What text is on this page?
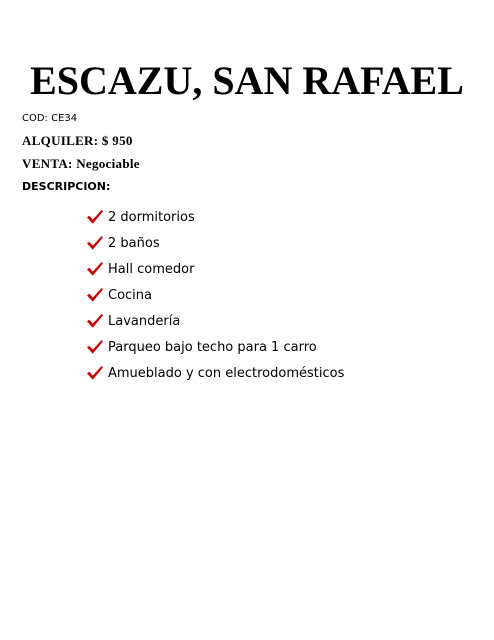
ESCAZU, SAN RAFAEL
COD: CE34
ALQUILER: $ 950
VENTA: Negociable
DESCRIPCION:
2 dormitorios
2 baños
Hall comedor
Cocina
Lavandería
Parqueo bajo techo para 1 carro
Amueblado y con electrodomésticos
